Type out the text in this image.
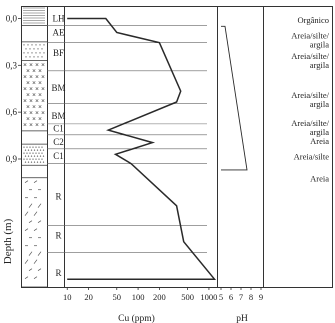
LH
AE
BF
BM
BM
C1
C2
C1
R
R
R
10 20 50 100 200 500 1000
Cu (ppm)
5 6 7 8 9
pH
Orgânico
Areia/silte/
argila
Areia/silte/
argila
Areia/silte/
argila
Areia/silte/
argila
Areia
Areia/silte
Areia
0,0
0,3
0,6
0,9
Depth (m)
